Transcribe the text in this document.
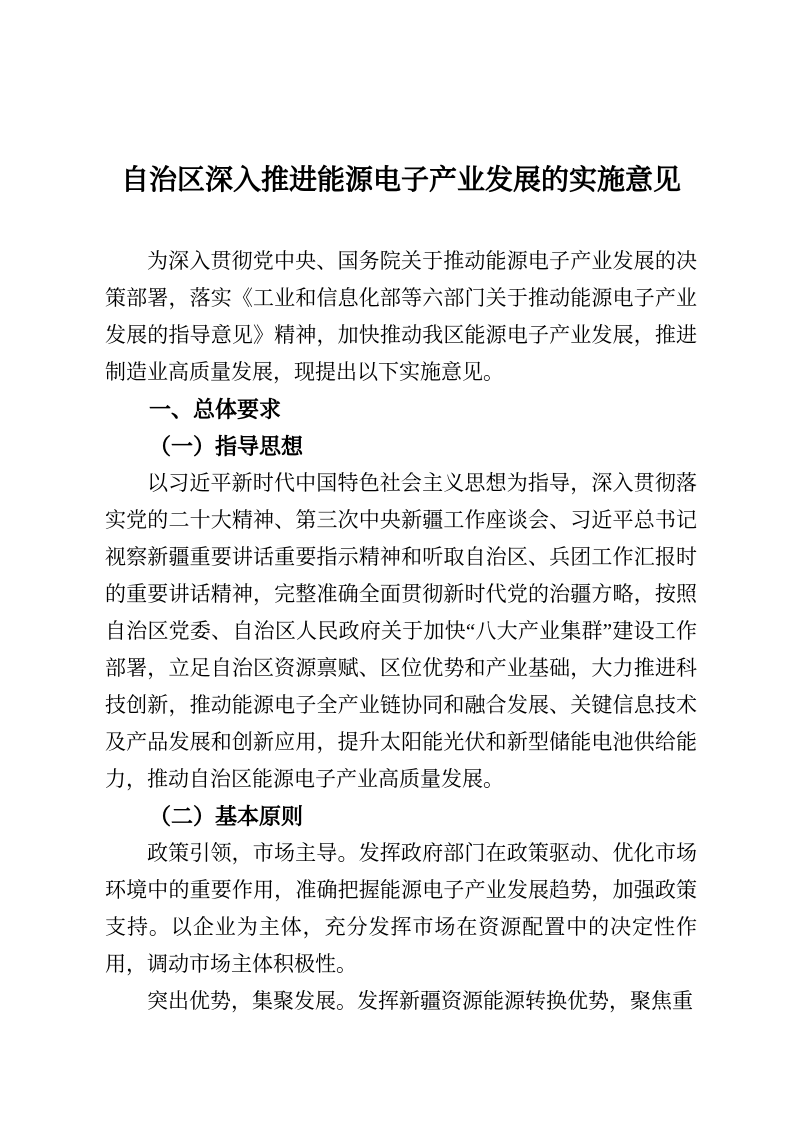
自治区深入推进能源电子产业发展的实施意见

为深入贯彻党中央、国务院关于推动能源电子产业发展的决策部署，落实《工业和信息化部等六部门关于推动能源电子产业发展的指导意见》精神，加快推动我区能源电子产业发展，推进制造业高质量发展，现提出以下实施意见。

一、总体要求
（一）指导思想

以习近平新时代中国特色社会主义思想为指导，深入贯彻落实党的二十大精神、第三次中央新疆工作座谈会、习近平总书记视察新疆重要讲话重要指示精神和听取自治区、兵团工作汇报时的重要讲话精神，完整准确全面贯彻新时代党的治疆方略，按照自治区党委、自治区人民政府关于加快“八大产业集群”建设工作部署，立足自治区资源禀赋、区位优势和产业基础，大力推进科技创新，推动能源电子全产业链协同和融合发展、关键信息技术及产品发展和创新应用，提升太阳能光伏和新型储能电池供给能力，推动自治区能源电子产业高质量发展。

（二）基本原则

政策引领，市场主导。发挥政府部门在政策驱动、优化市场环境中的重要作用，准确把握能源电子产业发展趋势，加强政策支持。以企业为主体，充分发挥市场在资源配置中的决定性作用，调动市场主体积极性。

突出优势，集聚发展。发挥新疆资源能源转换优势，聚焦重
